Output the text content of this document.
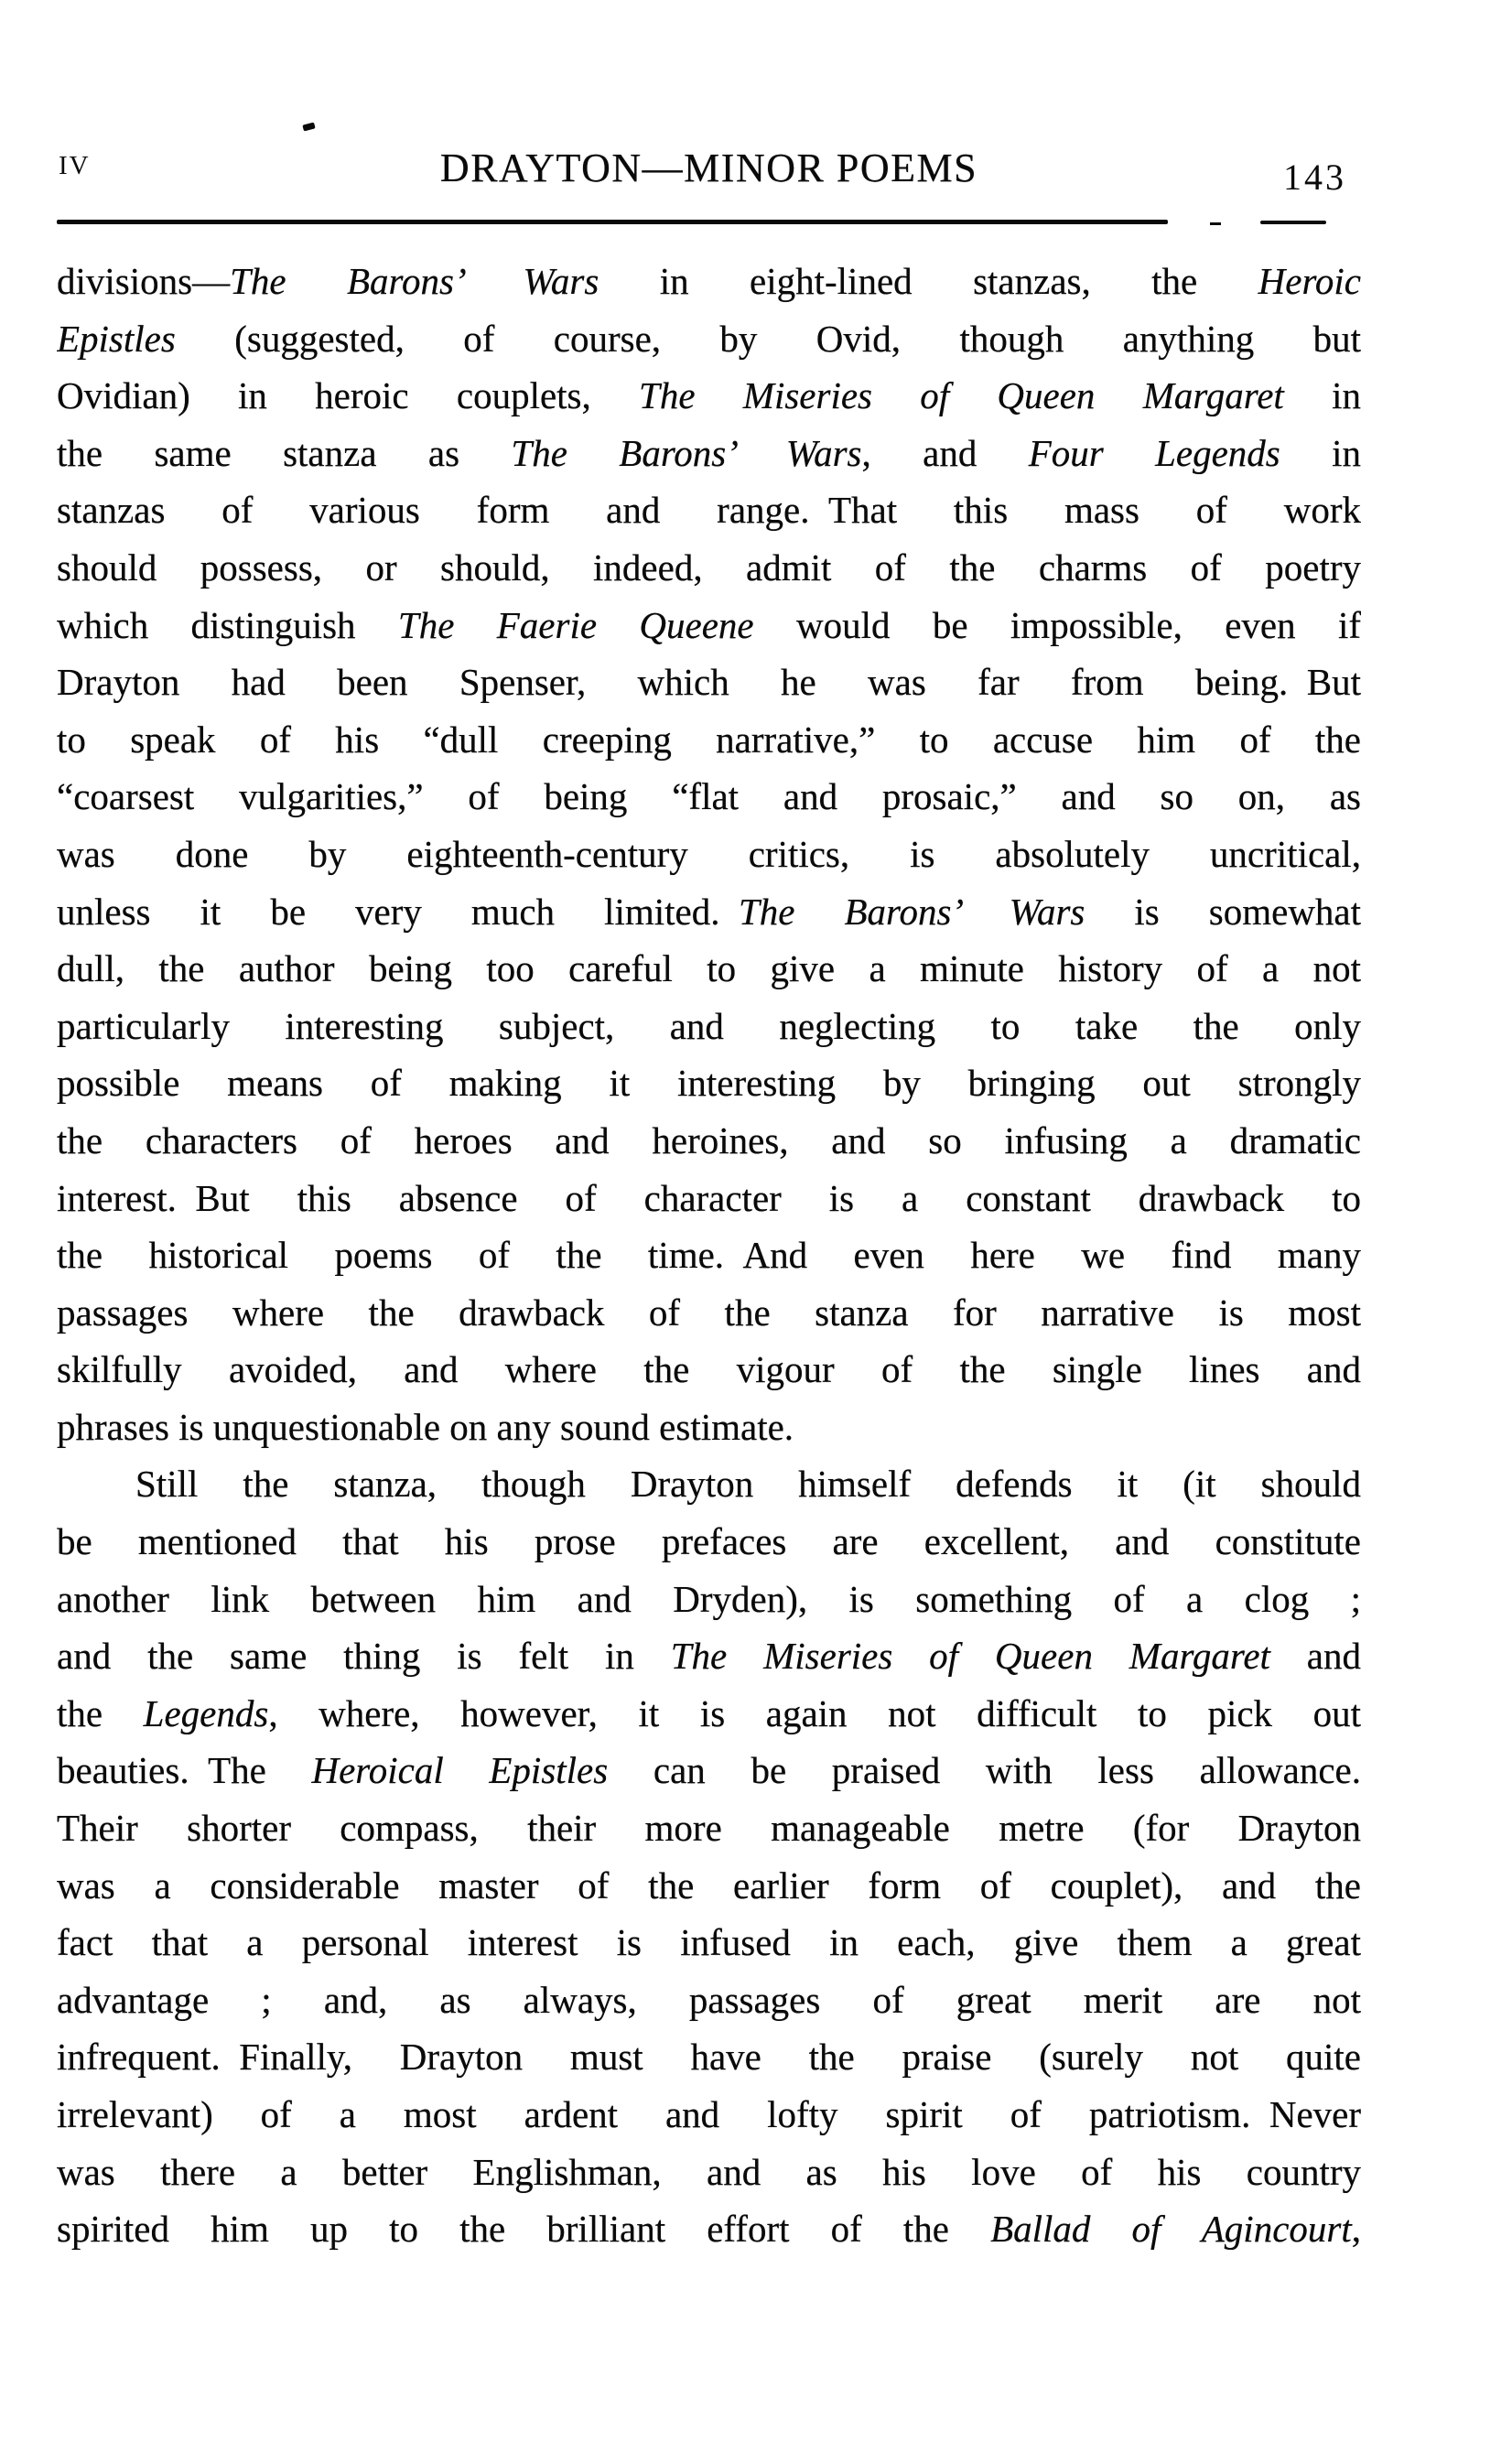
IV	DRAYTON—MINOR POEMS	143
divisions—The Barons’ Wars in eight-lined stanzas, the Heroic
Epistles (suggested, of course, by Ovid, though anything but
Ovidian) in heroic couplets, The Miseries of Queen Margaret in
the same stanza as The Barons’ Wars, and Four Legends in
stanzas of various form and range. That this mass of work
should possess, or should, indeed, admit of the charms of poetry
which distinguish The Faerie Queene would be impossible, even if
Drayton had been Spenser, which he was far from being. But
to speak of his “dull creeping narrative,” to accuse him of the
“coarsest vulgarities,” of being “flat and prosaic,” and so on, as
was done by eighteenth-century critics, is absolutely uncritical,
unless it be very much limited. The Barons’ Wars is somewhat
dull, the author being too careful to give a minute history of a not
particularly interesting subject, and neglecting to take the only
possible means of making it interesting by bringing out strongly
the characters of heroes and heroines, and so infusing a dramatic
interest. But this absence of character is a constant drawback to
the historical poems of the time. And even here we find many
passages where the drawback of the stanza for narrative is most
skilfully avoided, and where the vigour of the single lines and
phrases is unquestionable on any sound estimate.
Still the stanza, though Drayton himself defends it (it should
be mentioned that his prose prefaces are excellent, and constitute
another link between him and Dryden), is something of a clog ;
and the same thing is felt in The Miseries of Queen Margaret and
the Legends, where, however, it is again not difficult to pick out
beauties. The Heroical Epistles can be praised with less allowance.
Their shorter compass, their more manageable metre (for Drayton
was a considerable master of the earlier form of couplet), and the
fact that a personal interest is infused in each, give them a great
advantage ; and, as always, passages of great merit are not
infrequent. Finally, Drayton must have the praise (surely not quite
irrelevant) of a most ardent and lofty spirit of patriotism. Never
was there a better Englishman, and as his love of his country
spirited him up to the brilliant effort of the Ballad of Agincourt,
